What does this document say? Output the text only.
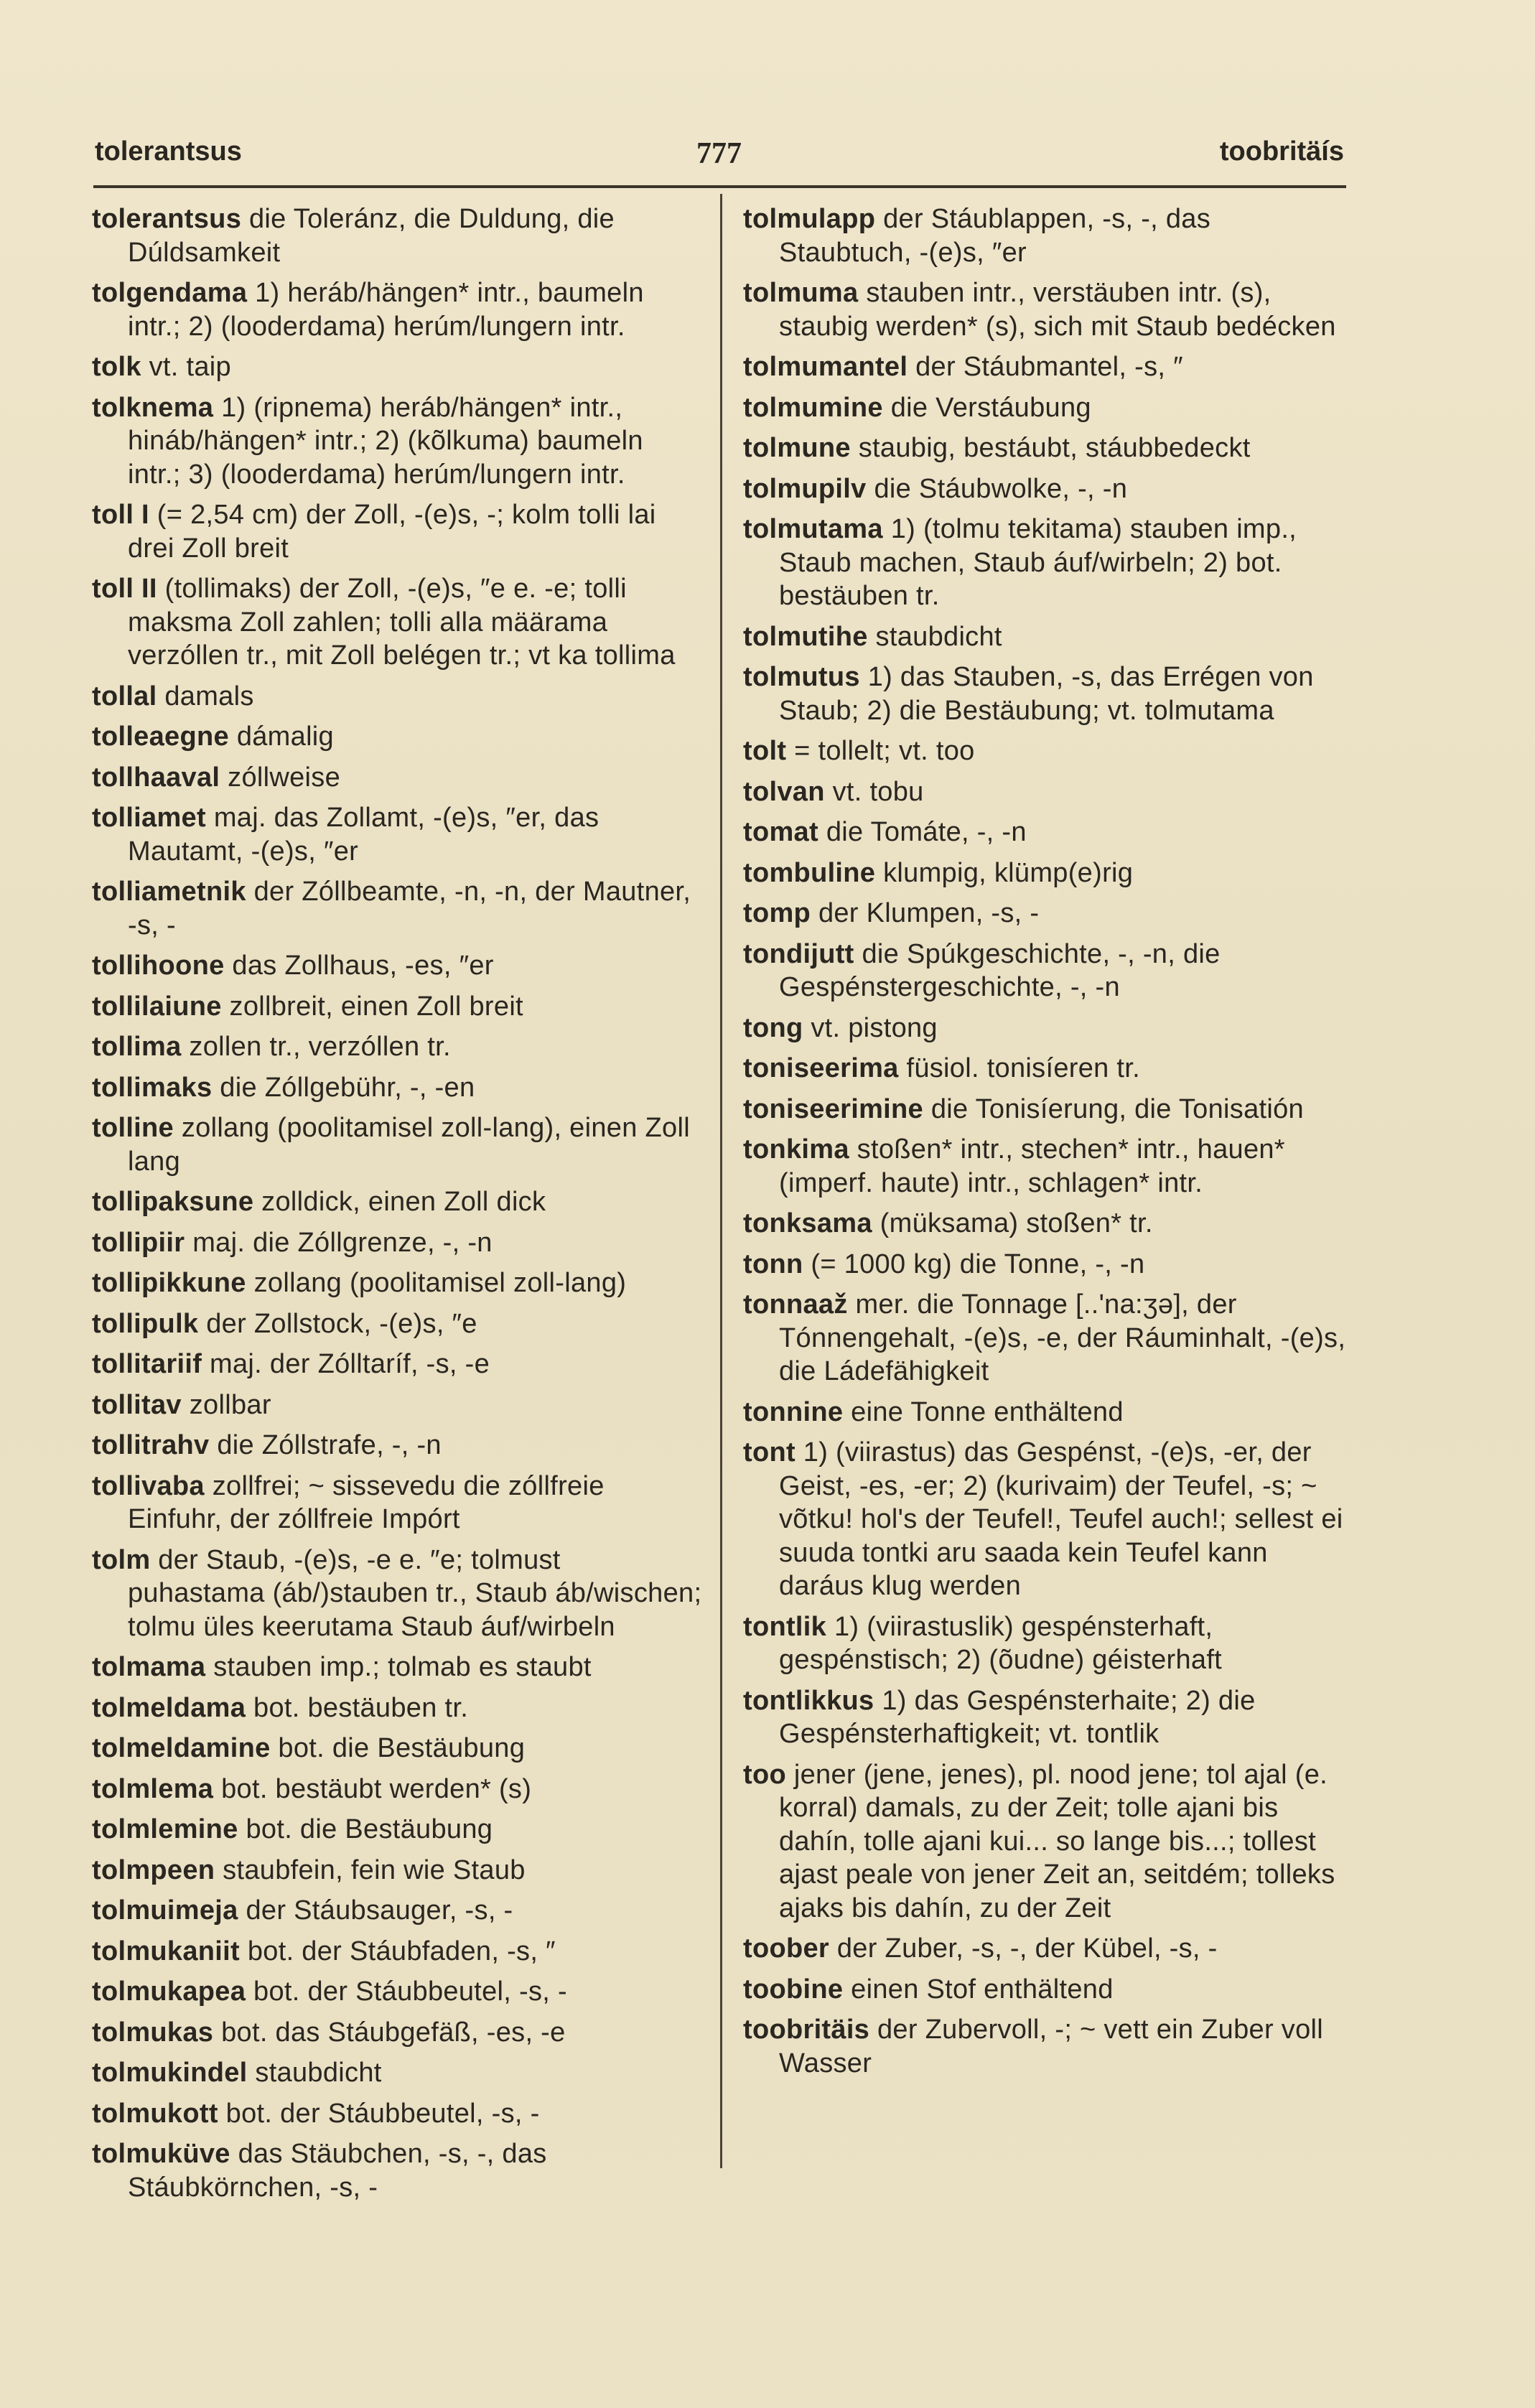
tolerantsus	777	toobritä̈ís
tolerantsus die Toleránz, die Duldung, die Dúldsamkeit
tolgendama 1) heráb/hängen* intr., baumeln intr.; 2) (looderdama) herúm/lungern intr.
tolk vt. taip
tolknema 1) (ripnema) heráb/hängen* intr., hináb/hängen* intr.; 2) (kõlkuma) baumeln intr.; 3) (looderdama) herúm/lungern intr.
toll I (= 2,54 cm) der Zoll, -(e)s, -; kolm tolli lai drei Zoll breit
toll II (tollimaks) der Zoll, -(e)s, ″e e. -e; tolli maksma Zoll zahlen; tolli alla määrama verzóllen tr., mit Zoll belégen tr.; vt ka tollima
tollal damals
tolleaegne dámalig
tollhaaval zóllweise
tolliamet maj. das Zollamt, -(e)s, ″er, das Mautamt, -(e)s, ″er
tolliametnik der Zóllbeamte, -n, -n, der Mautner, -s, -
tollihoone das Zollhaus, -es, ″er
tollilaiune zollbreit, einen Zoll breit
tollima zollen tr., verzóllen tr.
tollimaks die Zóllgebühr, -, -en
tolline zollang (poolitamisel zoll-lang), einen Zoll lang
tollipaksune zolldick, einen Zoll dick
tollipiir maj. die Zóllgrenze, -, -n
tollipikkune zollang (poolitamisel zoll-lang)
tollipulk der Zollstock, -(e)s, ″e
tollitariif maj. der Zólltaríf, -s, -e
tollitav zollbar
tollitrahv die Zóllstrafe, -, -n
tollivaba zollfrei; ~ sissevedu die zóllfreie Einfuhr, der zóllfreie Impórt
tolm der Staub, -(e)s, -e e. ″e; tolmust puhastama (áb/)stauben tr., Staub áb/wischen; tolmu üles keerutama Staub áuf/wirbeln
tolmama stauben imp.; tolmab es staubt
tolmeldama bot. bestäuben tr.
tolmeldamine bot. die Bestäubung
tolmlema bot. bestäubt werden* (s)
tolmlemine bot. die Bestäubung
tolmpeen staubfein, fein wie Staub
tolmuimeja der Stáubsauger, -s, -
tolmukaniit bot. der Stáubfaden, -s, ″
tolmukapea bot. der Stáubbeutel, -s, -
tolmukas bot. das Stáubgefäß, -es, -e
tolmukindel staubdicht
tolmukott bot. der Stáubbeutel, -s, -
tolmuküve das Stäubchen, -s, -, das Stáubkörnchen, -s, -
tolmulapp der Stáublappen, -s, -, das Staubtuch, -(e)s, ″er
tolmuma stauben intr., verstäuben intr. (s), staubig werden* (s), sich mit Staub bedécken
tolmumantel der Stáubmantel, -s, ″
tolmumine die Verstáubung
tolmune staubig, bestáubt, stáubbedeckt
tolmupilv die Stáubwolke, -, -n
tolmutama 1) (tolmu tekitama) stauben imp., Staub machen, Staub áuf/wirbeln; 2) bot. bestäuben tr.
tolmutihe staubdicht
tolmutus 1) das Stauben, -s, das Errégen von Staub; 2) die Bestäubung; vt. tolmutama
tolt = tollelt; vt. too
tolvan vt. tobu
tomat die Tomáte, -, -n
tombuline klumpig, klümp(e)rig
tomp der Klumpen, -s, -
tondijutt die Spúkgeschichte, -, -n, die Gespénstergeschichte, -, -n
tong vt. pistong
toniseerima füsiol. tonisíeren tr.
toniseerimine die Tonisíerung, die Tonisatión
tonkima stoßen* intr., stechen* intr., hauen* (imperf. haute) intr., schlagen* intr.
tonksama (müksama) stoßen* tr.
tonn (= 1000 kg) die Tonne, -, -n
tonnaaž mer. die Tonnage [..'na:ʒə], der Tónnengehalt, -(e)s, -e, der Ráuminhalt, -(e)s, die Ládefähigkeit
tonnine eine Tonne enthältend
tont 1) (viirastus) das Gespénst, -(e)s, -er, der Geist, -es, -er; 2) (kurivaim) der Teufel, -s; ~ võtku! hol's der Teufel!, Teufel auch!; sellest ei suuda tontki aru saada kein Teufel kann daráus klug werden
tontlik 1) (viirastuslik) gespénsterhaft, gespénstisch; 2) (õudne) géisterhaft
tontlikkus 1) das Gespénsterhaite; 2) die Gespénsterhaftigkeit; vt. tontlik
too jener (jene, jenes), pl. nood jene; tol ajal (e. korral) damals, zu der Zeit; tolle ajani bis dahín, tolle ajani kui... so lange bis...; tollest ajast peale von jener Zeit an, seitdém; tolleks ajaks bis dahín, zu der Zeit
toober der Zuber, -s, -, der Kübel, -s, -
toobine einen Stof enthältend
toobritäis der Zubervoll, -; ~ vett ein Zuber voll Wasser
